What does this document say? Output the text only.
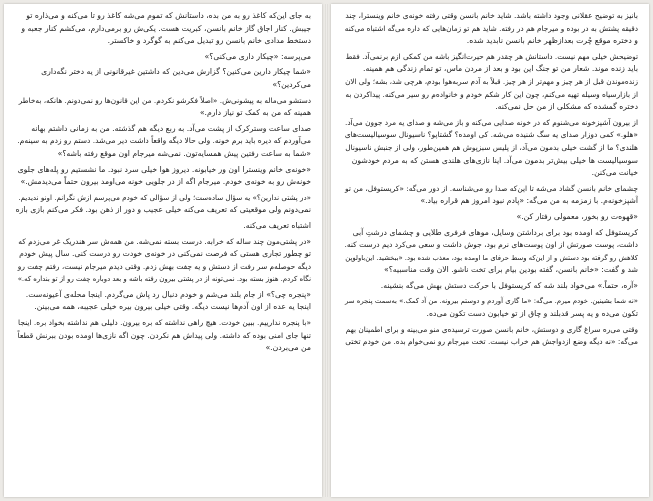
بانیز به توضیح عقلانی وجود داشته باشد. شاید خانم بانسن وقتی رفته خونه‌ی خانم وینسترا، چند
دقیقه پشتش به در بوده و میرجام هم در رفته. شاید هم تو زمان‌هایی که داره می‌گه اشتباه می‌کنه
و دختره موقع چُرت بعدازظهر خانم بانسن نابدید شده.

توضیحش خیلی مهم نیست. داستانش هر چقدر هم حیرت‌انگیز باشه من کمکی ازم برنمی‌آد. فقط
باید زنده موند. شعار من تو جنگ این بود و بعد از مردن ماس، تو تمام زندگی هم همینه.
زنده‌موندن قبل از هر چیز و مهم‌تر از هر چیز. قبلاً به آدم سربه‌هوا بودم، هرچی شد، بشه؛ ولی الان
از بازارسیاه وسیله تهیه می‌کنم، چون این کار شکم خودم و خانواده‌م رو سیر می‌کنه. پیداکردن به
دختره گمشده که مشکلی از من حل نمی‌کنه.

از بیرون آشپزخونه می‌شنوم که در خونه صدایی می‌کنه و باز می‌شه و صدای یه مرد جوون می‌آد.
«هلو.» کمی دوزار صدای یه سگ شنیده می‌شه. کی اومده؟ گشتاپو؟ ناسیونال سوسیالیست‌های
هلندی؟ ما از گشت خیلی بدمون می‌آد، از پلیس سبزپوش هم همین‌طور، ولی از جنبش ناسیونال
سوسیالیست ها خیلی بیش‌تر بدمون می‌آد. اینا نازی‌های هلندی هستن که به مردم خودشون
خیانت می‌کنن.

چشمای خانم بانسن گشاد می‌شه تا این‌که صدا رو می‌شناسه. از دور می‌گه: «کریستوفل، من تو
آشپزخونه‌م. با زمزمه به من می‌گه: «پادم نبود امروز هم قراره بیاد.»

«قهوه‌ت رو بخور، معمولی رفتار کن.»

کریستوفل که اومده بود برای برداشتن وسایل، موهای فرفری طلایی و چشمای درشتِ آبی
داشت، پوست صورتش از اون پوست‌های نرم بود، جوش داشت و سعی می‌کرد دیم درست کنه.
کلاهش رو گرفته بود دستش و از این‌که وسط حرفای ما اومده بود، معذب شده بود. «ببخشید. این‌باولوپن
شد و گفت: «خانم بانسن، گفته بودین بیام برای تخت ناشو. الان وقت مناسبیه؟»

«آره، حتماً.» می‌خواد بلند شه که کریستوفل با حرکت دستش بهش می‌گه بنشینه.

«نه شما بشینین. خودم میرم. می‌گه: «ما گاری آوردم و دوستم بیرونه. من آد کمک.» به‌سمت پنجره سر
تکون می‌ده و یه پسر قدبلند و چاق از تو خیابون دست تکون می‌ده.

وقتی می‌ره سراغ گاری و دوستش، خانم بانسن صورت ترسیده‌ی منو می‌بینه و برای اطمینان بهم
می‌گه: «نه دیگه وضع ازدواجش هم خراب نیست. تخت میرجام رو نمی‌خوام بده. من خودم تختی

به جای این‌که کاغذ رو به من بده، داستانش که تموم می‌شه کاغذ رو تا می‌کنه و می‌ذاره تو
جیبش. کنار اجاق گاز خانم بانسن، کبریت هست. یکی‌ش رو برمی‌دارم، می‌کشم کنار جعبه و
دستخط مدادی خانم بانسن رو تبدیل می‌کنم به گوگرد و خاکستر.

می‌پرسه: «چیکار داری می‌کنی؟»

«شما چیکار دارین می‌کنین؟ گزارش می‌دین که داشتین غیرقانونی از یه دختر نگه‌داری
می‌کردین؟»

دستشو می‌ماله به پیشونی‌ش. «اصلاً فکرشو نکردم. من این قانون‌ها رو نمی‌دونم. هانکه، به‌خاطر
همینه که من به کمک تو نیاز دارم.»

صدای ساعت وسترکرک از پشت می‌آد. به ربع دیگه هم گذشته. من به زمانی داشتم بهانه
می‌آوردم که دیره باید برم خونه. ولی حالا دیگه واقعاً داشت دیر می‌شد. دستم رو زدم به سینه‌م.
«شما به ساعت رفتین پیش همسایه‌تون. نمی‌شه میرجام اون موقع رفته باشه؟»

«خونه‌ی خانم وینسترا اون ور خیابونه. دیروز هوا خیلی سرد نبود. ما نشستیم رو پله‌های جلوی
خونه‌ش رو به خونه‌ی خودم. میرجام اگه از در جلویی خونه می‌اومد بیرون حتماً می‌دیدمش.»

«در پشتی ندارین؟» یه سؤال ساده‌ست؛ ولی از سؤالی که خودم می‌پرسم ازش نگرانم. اونو ندیدیم.
نمی‌دونم ولی موقعیتی که تعریف می‌کنه خیلی عجیب و دور از ذهن بود. فکر می‌کنم بازی بازه

اشتباه تعریف می‌کنه.

«در پشتی‌مون چند ساله که خرابه. درست بسته نمی‌شه. من همه‌ش سر هندریک غر می‌زدم که
تو چطور تجاری هستی که فرصت نمی‌کنی در خونه‌ی خودت رو درست کنی. سال پیش خودم
دیگه حوصله‌م سر رفت از دستش و یه چفت بهش زدم. وقتی دیدم میرجام نیست، رفتم چفت رو
نگاه کردم. هنوز بسته بود. نمی‌تونه از در پشتی بیرون رفته باشه و بعد دوباره چفت رو از تو بنداره که.»

«پنجره چی؟» از جام بلند می‌شم و خودم دنبال رد پاش می‌گردم. اینجا محله‌ی آعیونه‌ست.
اینجا یه عده از اون آدم‌ها نیست دیگه. وقتی خیلی بیرون بیره خیلی عجیبه، همه می‌بینن.

«با پنجره ندارییم. ببین خودت. هیچ راهی نداشته که بره بیرون. دلیلی هم نداشته بخواد بره. اینجا
تنها جای امنی بوده که داشته. ولی پیداش هم نکردن. چون اگه نازی‌ها اومده بودن ببرنش قطعاً
من می‌بردن.»
